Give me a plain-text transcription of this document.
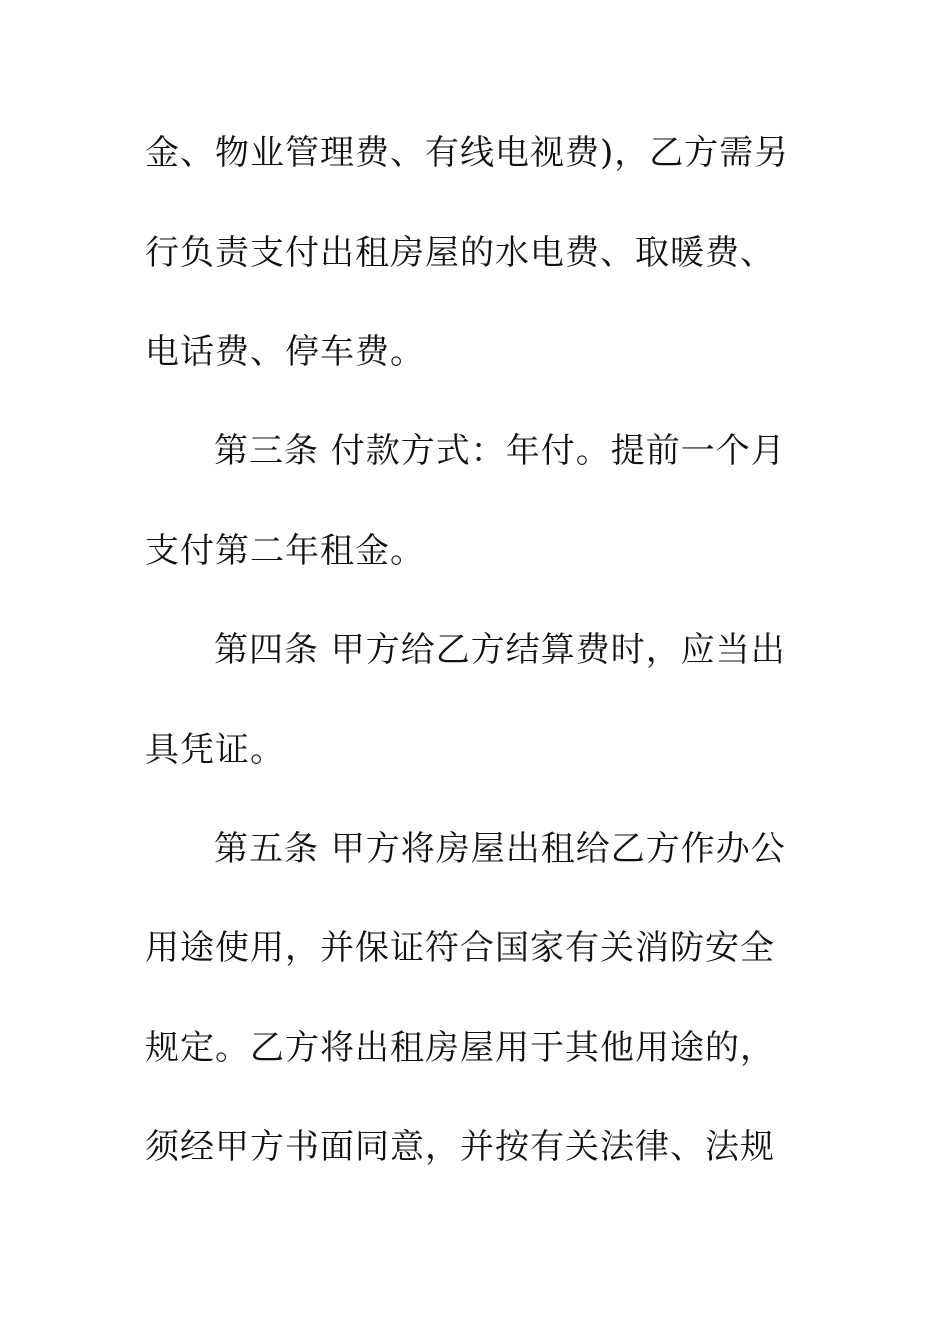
金、物业管理费、有线电视费)，乙方需另
行负责支付出租房屋的水电费、取暖费、
电话费、停车费。
第三条 付款方式：年付。提前一个月
支付第二年租金。
第四条 甲方给乙方结算费时，应当出
具凭证。
第五条 甲方将房屋出租给乙方作办公
用途使用，并保证符合国家有关消防安全
规定。乙方将出租房屋用于其他用途的，
须经甲方书面同意，并按有关法律、法规
